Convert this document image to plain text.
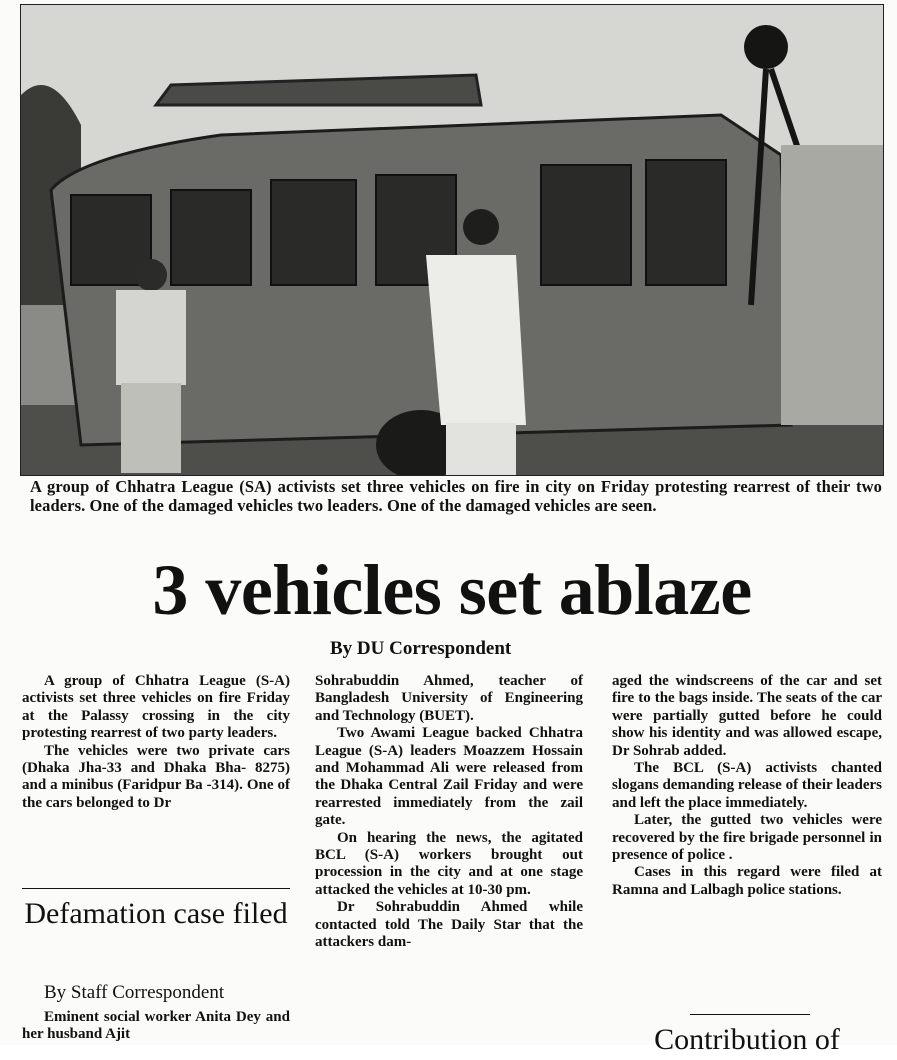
A group of Chhatra League (SA) activists set three vehicles on fire in city on Friday protesting rearrest of their two leaders. One of the damaged vehicles two leaders. One of the damaged vehicles are seen.
3 vehicles set ablaze
By DU Correspondent

A group of Chhatra League (S-A) activists set three vehicles on fire Friday at the Palassy crossing in the city protesting rearrest of two party leaders.

The vehicles were two private cars (Dhaka Jha-33 and Dhaka Bha- 8275) and a minibus (Faridpur Ba -314). One of the cars belonged to Dr

Sohrabuddin Ahmed, teacher of Bangladesh University of Engineering and Technology (BUET).

Two Awami League backed Chhatra League (S-A) leaders Moazzem Hossain and Mohammad Ali were released from the Dhaka Central Zail Friday and were rearrested immediately from the zail gate.

On hearing the news, the agitated BCL (S-A) workers brought out procession in the city and at one stage attacked the vehicles at 10-30 pm.

Dr Sohrabuddin Ahmed while contacted told The Daily Star that the attackers dam-

aged the windscreens of the car and set fire to the bags inside. The seats of the car were partially gutted before he could show his identity and was allowed escape, Dr Sohrab added.

The BCL (S-A) activists chanted slogans demanding release of their leaders and left the place immediately.

Later, the gutted two vehicles were recovered by the fire brigade personnel in presence of police .

Cases in this regard were filed at Ramna and Lalbagh police stations.

Defamation case filed
By Staff Correspondent

Eminent social worker Anita Dey and her husband Ajit	Contribution of
